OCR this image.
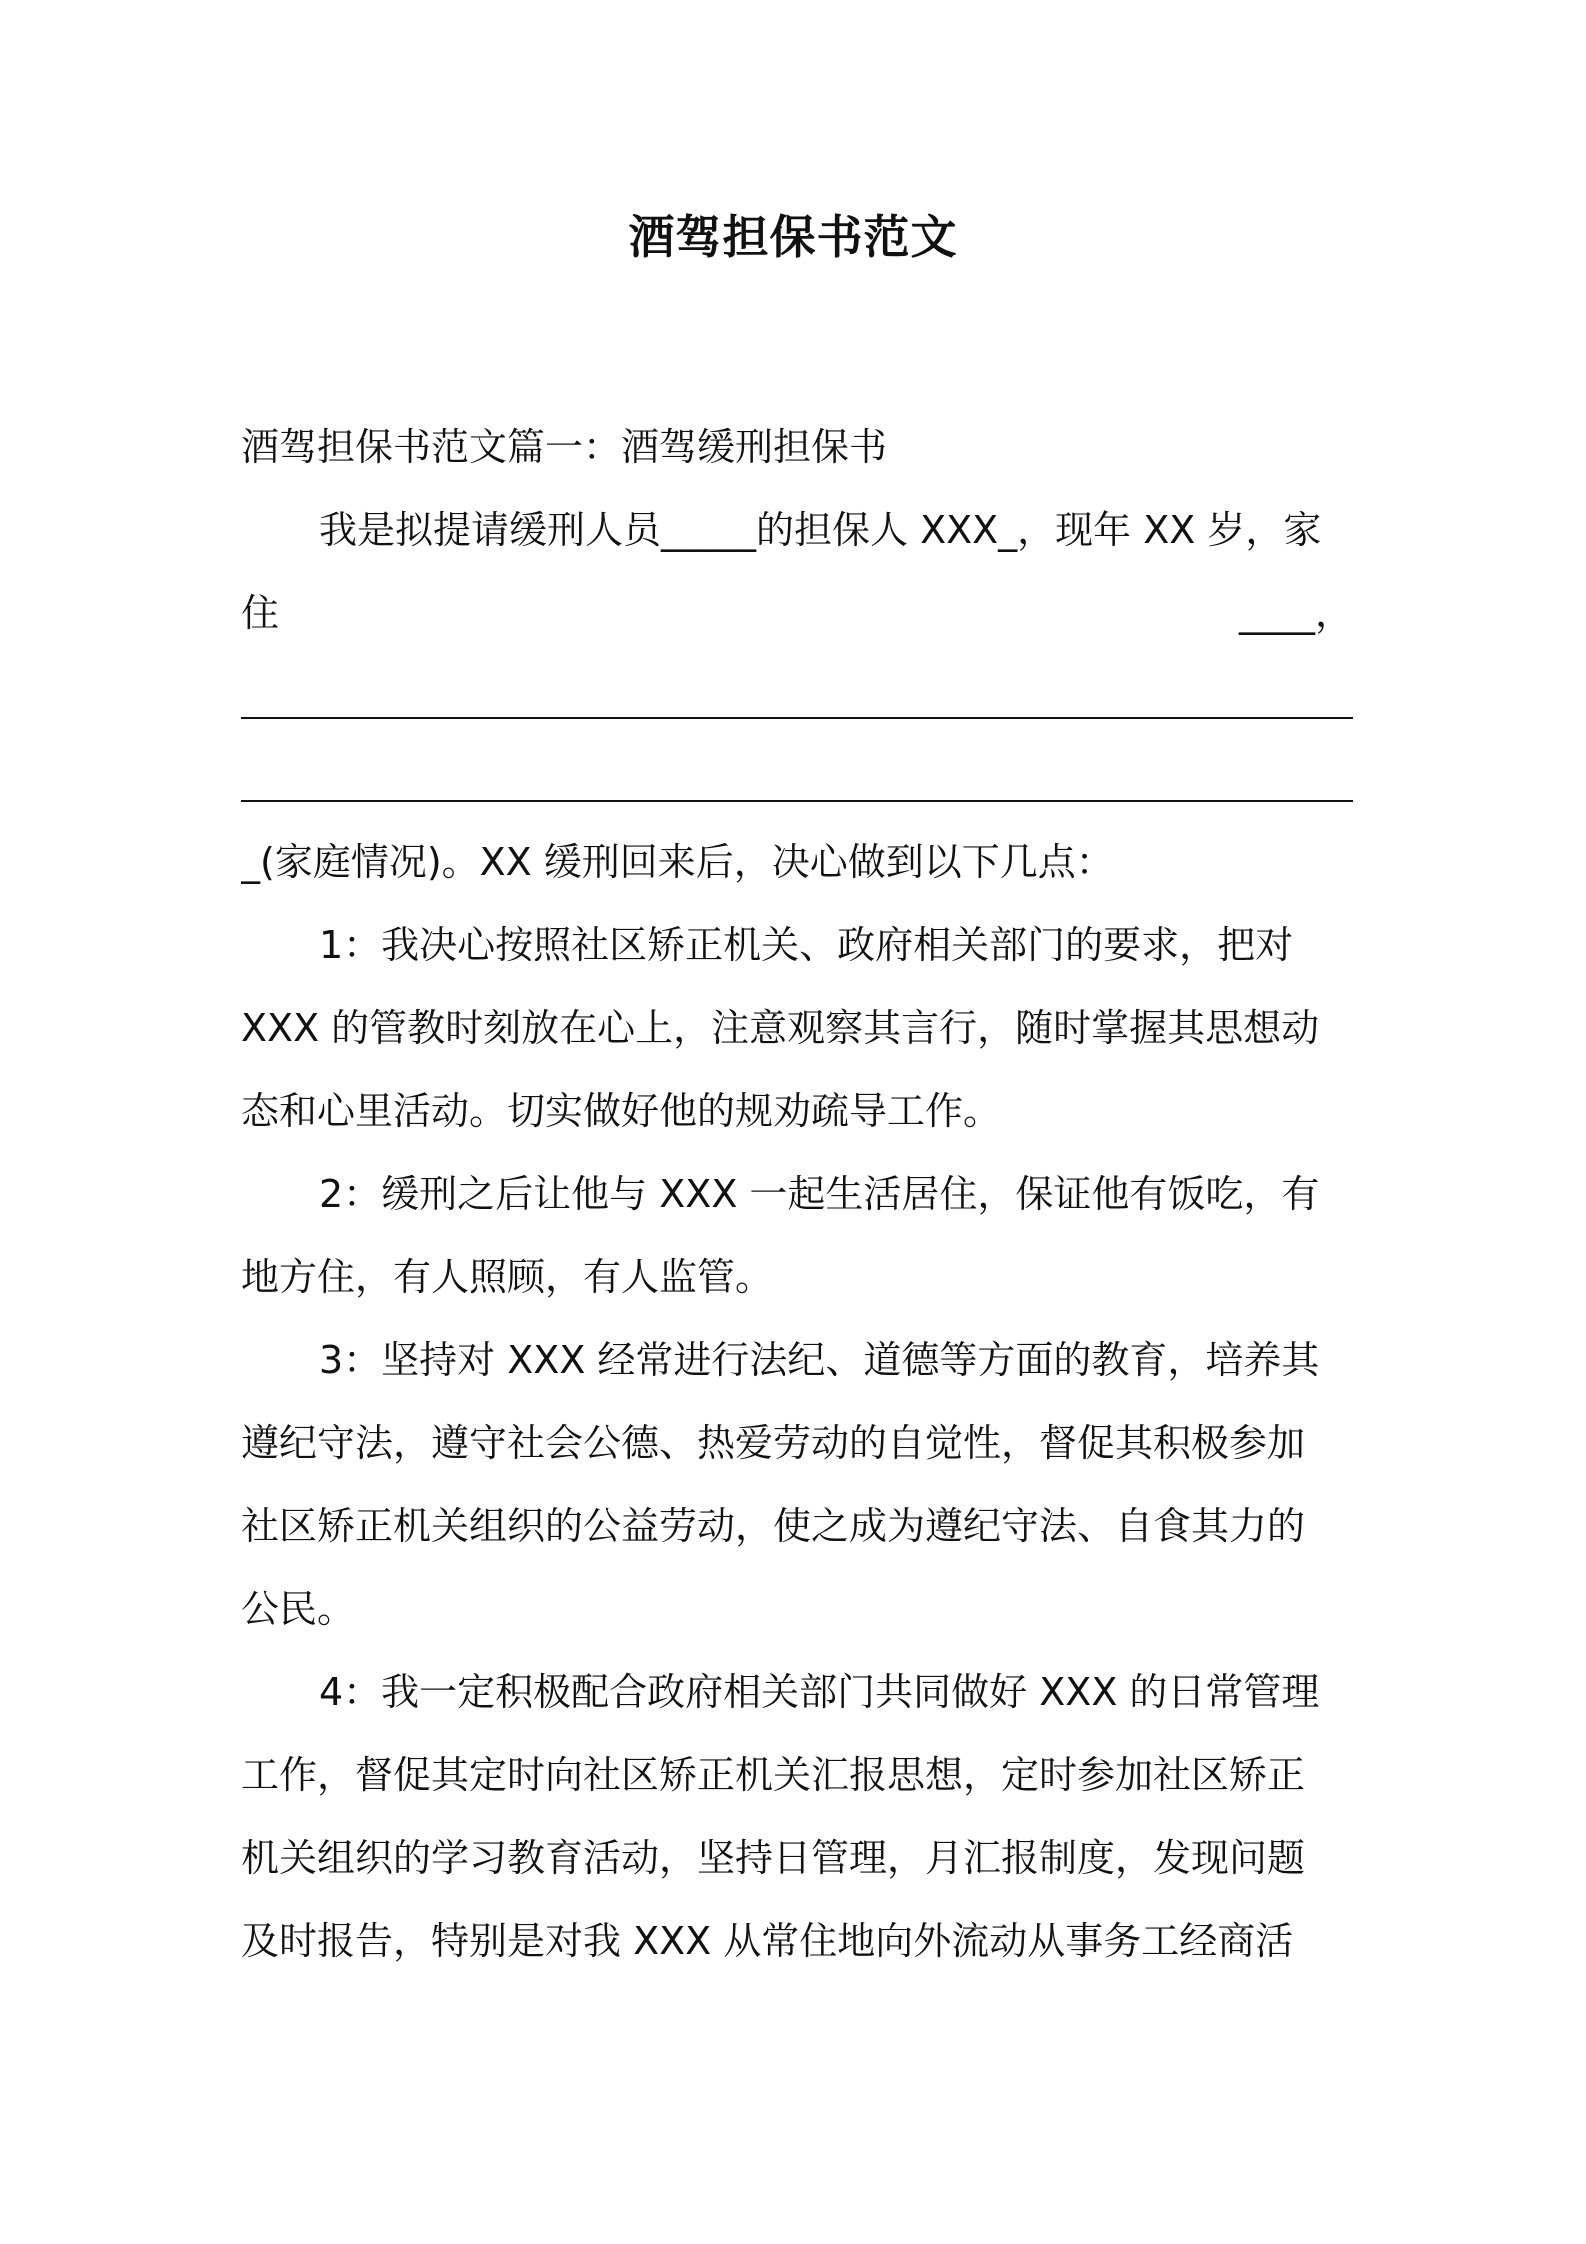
酒驾担保书范文
酒驾担保书范文篇一：酒驾缓刑担保书
我是拟提请缓刑人员_____的担保人 XXX_，现年 XX 岁，家
住	____，
_(家庭情况)。XX 缓刑回来后，决心做到以下几点：
1：我决心按照社区矫正机关、政府相关部门的要求，把对
XXX 的管教时刻放在心上，注意观察其言行，随时掌握其思想动
态和心里活动。切实做好他的规劝疏导工作。
2：缓刑之后让他与 XXX 一起生活居住，保证他有饭吃，有
地方住，有人照顾，有人监管。
3：坚持对 XXX 经常进行法纪、道德等方面的教育，培养其
遵纪守法，遵守社会公德、热爱劳动的自觉性，督促其积极参加
社区矫正机关组织的公益劳动，使之成为遵纪守法、自食其力的
公民。
4：我一定积极配合政府相关部门共同做好 XXX 的日常管理
工作，督促其定时向社区矫正机关汇报思想，定时参加社区矫正
机关组织的学习教育活动，坚持日管理，月汇报制度，发现问题
及时报告，特别是对我 XXX 从常住地向外流动从事务工经商活
